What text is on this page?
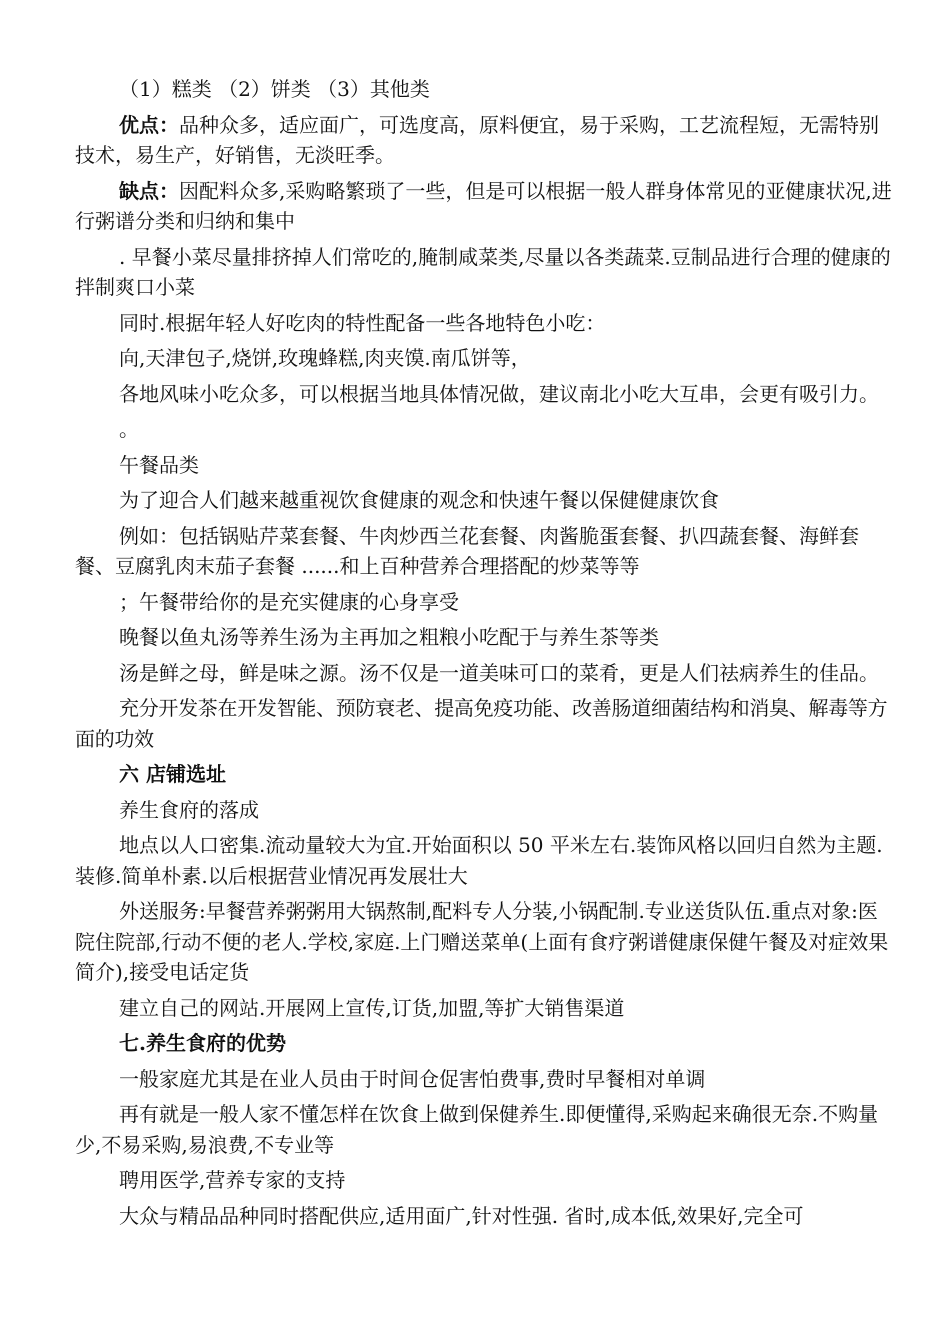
（1）糕类 （2）饼类 （3）其他类

优点：品种众多，适应面广，可选度高，原料便宜，易于采购，工艺流程短，无需特别技术，易生产，好销售，无淡旺季。

缺点：因配料众多,采购略繁琐了一些，但是可以根据一般人群身体常见的亚健康状况,进行粥谱分类和归纳和集中

. 早餐小菜尽量排挤掉人们常吃的,腌制咸菜类,尽量以各类蔬菜.豆制品进行合理的健康的拌制爽口小菜

同时.根据年轻人好吃肉的特性配备一些各地特色小吃：

向,天津包子,烧饼,玫瑰蜂糕,肉夹馍.南瓜饼等，

各地风味小吃众多，可以根据当地具体情况做，建议南北小吃大互串，会更有吸引力。

。

午餐品类

为了迎合人们越来越重视饮食健康的观念和快速午餐以保健健康饮食

例如：包括锅贴芹菜套餐、牛肉炒西兰花套餐、肉酱脆蛋套餐、扒四蔬套餐、海鲜套餐、豆腐乳肉末茄子套餐 ......和上百种营养合理搭配的炒菜等等

；午餐带给你的是充实健康的心身享受

晚餐以鱼丸汤等养生汤为主再加之粗粮小吃配于与养生茶等类

汤是鲜之母，鲜是味之源。汤不仅是一道美味可口的菜肴，更是人们祛病养生的佳品。

充分开发茶在开发智能、预防衰老、提高免疫功能、改善肠道细菌结构和消臭、解毒等方面的功效

六 店铺选址

养生食府的落成

地点以人口密集.流动量较大为宜.开始面积以 50 平米左右.装饰风格以回归自然为主题.装修.简单朴素.以后根据营业情况再发展壮大

外送服务:早餐营养粥粥用大锅熬制,配料专人分装,小锅配制.专业送货队伍.重点对象:医院住院部,行动不便的老人.学校,家庭.上门赠送菜单(上面有食疗粥谱健康保健午餐及对症效果简介),接受电话定货

建立自己的网站.开展网上宣传,订货,加盟,等扩大销售渠道

七.养生食府的优势

一般家庭尤其是在业人员由于时间仓促害怕费事,费时早餐相对单调

再有就是一般人家不懂怎样在饮食上做到保健养生.即便懂得,采购起来确很无奈.不购量少,不易采购,易浪费,不专业等

聘用医学,营养专家的支持

大众与精品品种同时搭配供应,适用面广,针对性强. 省时,成本低,效果好,完全可
